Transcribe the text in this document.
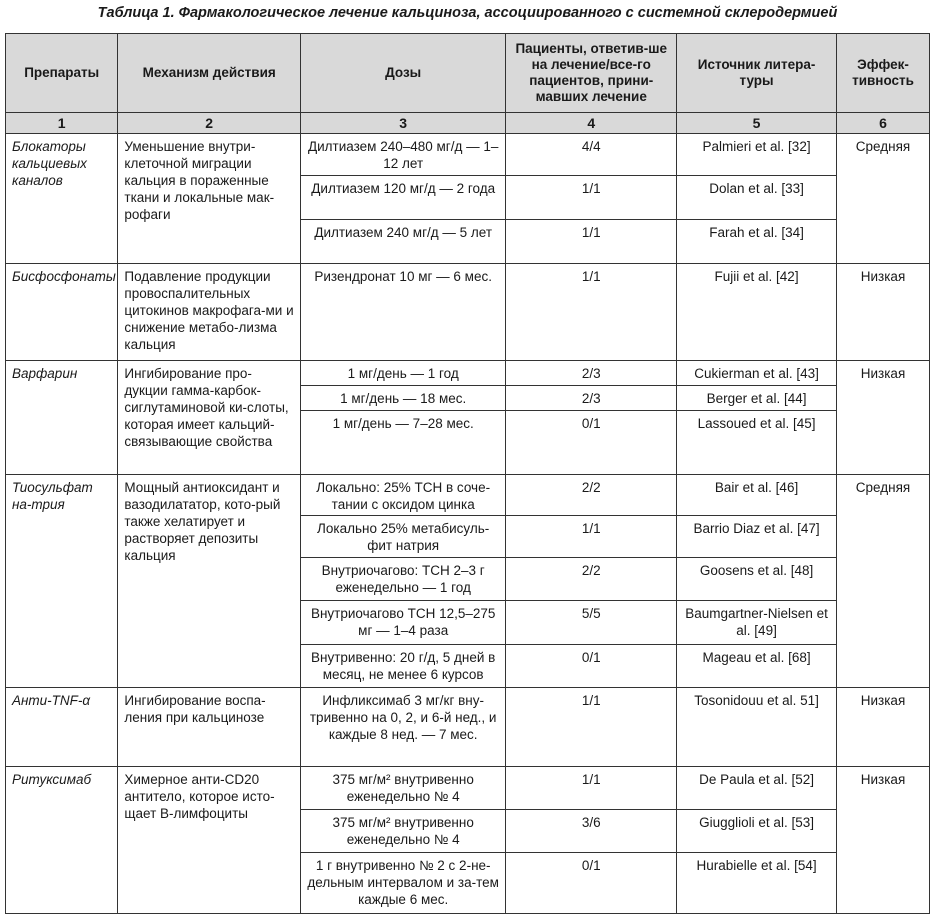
Таблица 1. Фармакологическое лечение кальциноза, ассоциированного с системной склеродермией
Препараты	Механизм действия	Дозы	Пациенты, ответив-ше на лечение/все-го пациентов, прини-мавших лечение	Источник литера-туры	Эффек-тивность
1	2	3	4	5	6
Блокаторы кальциевых каналов	Уменьшение внутри-клеточной миграции кальция в пораженные ткани и локальные мак-рофаги	Дилтиазем 240–480 мг/д — 1–12 лет	4/4	Palmieri et al. [32]	Средняя
		Дилтиазем 120 мг/д — 2 года	1/1	Dolan et al. [33]	
		Дилтиазем 240 мг/д — 5 лет	1/1	Farah et al. [34]	
Бисфосфонаты	Подавление продукции провоспалительных цитокинов макрофага-ми и снижение метабо-лизма кальция	Ризендронат 10 мг — 6 мес.	1/1	Fujii et al. [42]	Низкая
Варфарин	Ингибирование про-дукции гамма-карбок-сиглутаминовой ки-слоты, которая имеет кальций-связывающие свойства	1 мг/день — 1 год	2/3	Cukierman et al. [43]	Низкая
		1 мг/день — 18 мес.	2/3	Berger et al. [44]	
		1 мг/день — 7–28 мес.	0/1	Lassoued et al. [45]	
Тиосульфат на-трия	Мощный антиоксидант и вазодилататор, кото-рый также хелатирует и растворяет депозиты кальция	Локально: 25% ТСН в соче-тании с оксидом цинка	2/2	Bair et al. [46]	Средняя
		Локально 25% метабисуль-фит натрия	1/1	Barrio Diaz et al. [47]	
		Внутриочагово: ТСН 2–3 г еженедельно — 1 год	2/2	Goosens et al. [48]	
		Внутриочагово ТСН 12,5–275 мг — 1–4 раза	5/5	Baumgartner-Nielsen et al. [49]	
		Внутривенно: 20 г/д, 5 дней в месяц, не менее 6 курсов	0/1	Mageau et al. [68]	
Анти-TNF-α	Ингибирование воспа-ления при кальцинозе	Инфликсимаб 3 мг/кг вну-тривенно на 0, 2, и 6-й нед., и каждые 8 нед. — 7 мес.	1/1	Tosonidouu et al. 51]	Низкая
Ритуксимаб	Химерное анти-CD20 антитело, которое исто-щает В-лимфоциты	375 мг/м² внутривенно еженедельно № 4	1/1	De Paula et al. [52]	Низкая
		375 мг/м² внутривенно еженедельно № 4	3/6	Giugglioli et al. [53]	
		1 г внутривенно № 2 с 2-не-дельным интервалом и за-тем каждые 6 мес.	0/1	Hurabielle et al. [54]	
